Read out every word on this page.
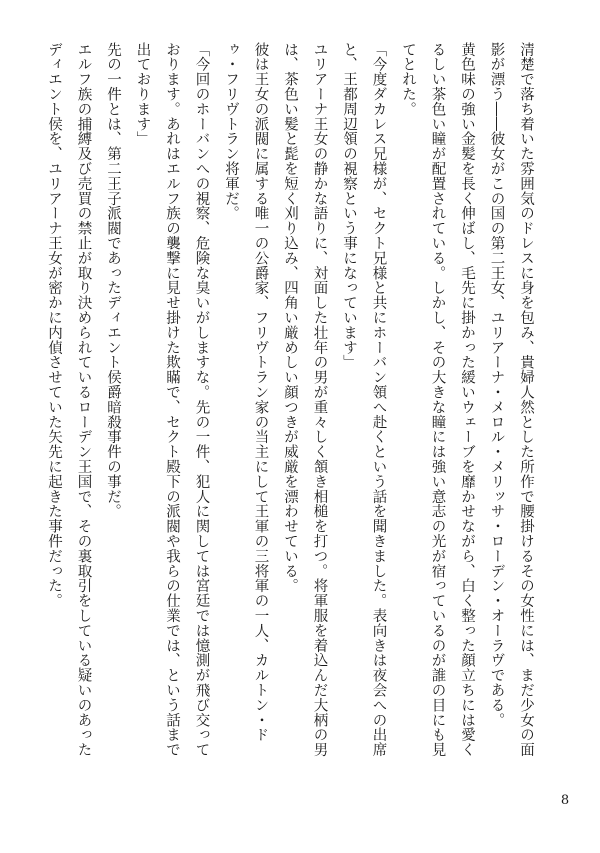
清楚で落ち着いた雰囲気のドレスに身を包み、貴婦人然とした所作で腰掛けるその女性には、まだ少女の面影が漂う――彼女がこの国の第二王女、ユリアーナ・メロル・メリッサ・ローデン・オーラヴである。

黄色味の強い金髪を長く伸ばし、毛先に掛かった緩いウェーブを靡かせながら、白く整った顔立ちには愛くるしい茶色い瞳が配置されている。しかし、その大きな瞳には強い意志の光が宿っているのが誰の目にも見てとれた。

「今度ダカレス兄様が、セクト兄様と共にホーバン領へ赴くという話を聞きました。表向きは夜会への出席と、王都周辺領の視察という事になっています」

ユリアーナ王女の静かな語りに、対面した壮年の男が重々しく頷き相槌を打つ。将軍服を着込んだ大柄の男は、茶色い髪と髭を短く刈り込み、四角い厳めしい顔つきが威厳を漂わせている。

彼は王女の派閥に属する唯一の公爵家、フリヴトラン家の当主にして王軍の三将軍の一人、カルトン・ドゥ・フリヴトラン将軍だ。

「今回のホーバンへの視察、危険な臭いがしますな。先の一件、犯人に関しては宮廷では憶測が飛び交っております。あれはエルフ族の襲撃に見せ掛けた欺瞞で、セクト殿下の派閥や我らの仕業では、という話まで出ております」

先の一件とは、第二王子派閥であったディエント侯爵暗殺事件の事だ。

エルフ族の捕縛及び売買の禁止が取り決められているローデン王国で、その裏取引をしている疑いのあったディエント侯を、ユリアーナ王女が密かに内偵させていた矢先に起きた事件だった。

8
